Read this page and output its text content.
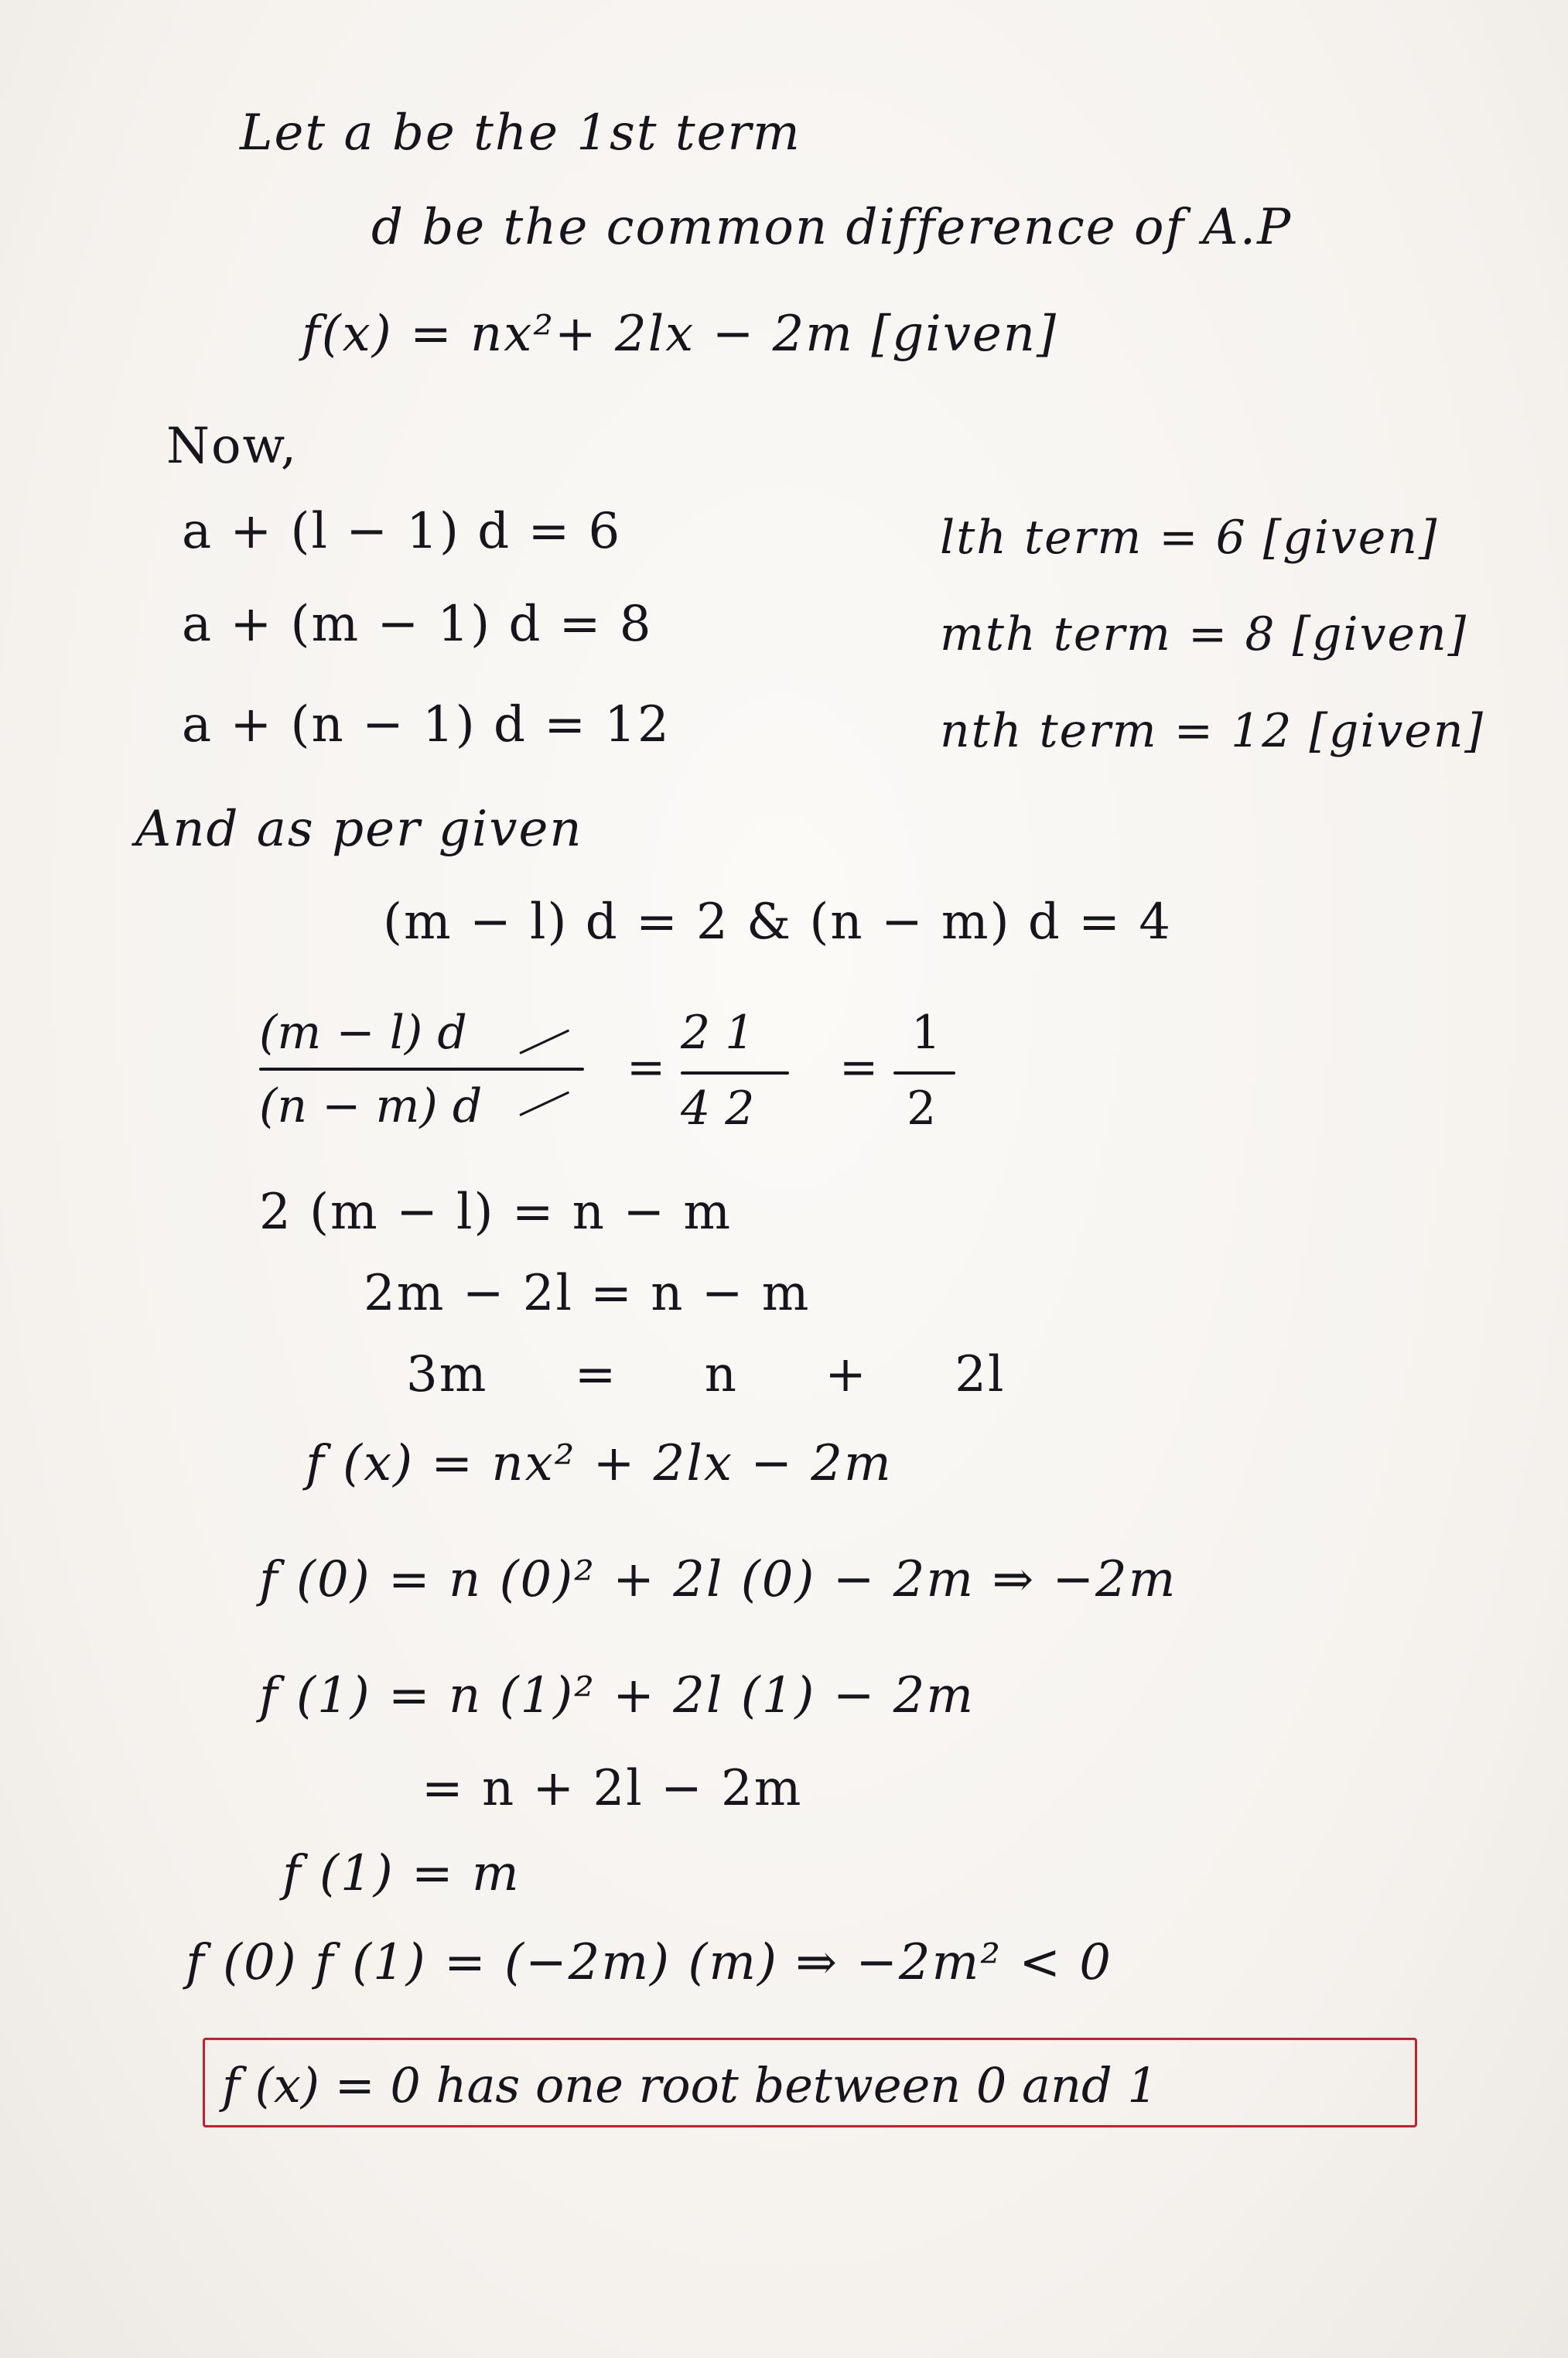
Let a be the 1st term
d be the common difference of A.P
f(x) = nx²+ 2lx − 2m [given]
Now,
a + (l − 1) d = 6
a + (m − 1) d = 8
a + (n − 1) d = 12
lth term = 6 [given]
mth term = 8 [given]
nth term = 12 [given]
And as per given
(m − l) d = 2 & (n − m) d = 4
(m − l) d
(n − m) d
=
2 1
4 2
=
1
2
2 (m − l) = n − m
2m − 2l = n − m
3m = n + 2l
f (x) = nx² + 2lx − 2m
f (0) = n (0)² + 2l (0) − 2m ⇒ −2m
f (1) = n (1)² + 2l (1) − 2m
= n + 2l − 2m
f (1) = m
f (0) f (1) = (−2m) (m) ⇒ −2m² < 0
f (x) = 0 has one root between 0 and 1
